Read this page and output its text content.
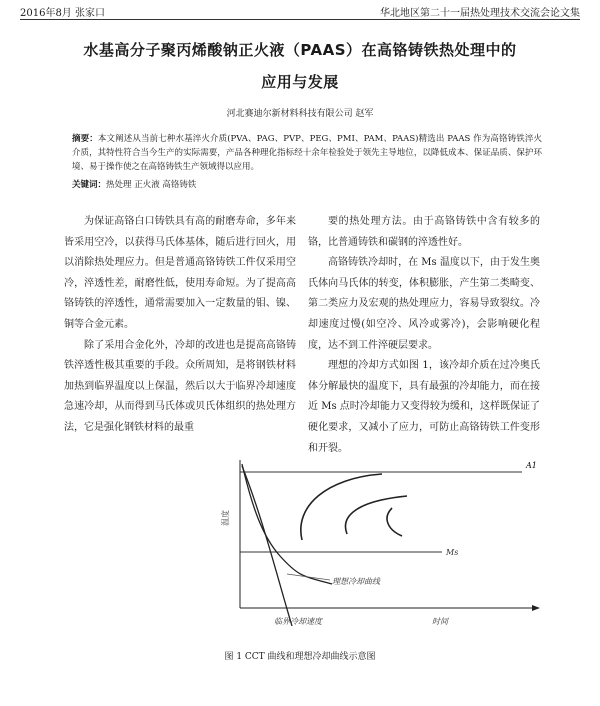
2016年8月 张家口	华北地区第二十一届热处理技术交流会论文集
水基高分子聚丙烯酸钠正火液（PAAS）在高铬铸铁热处理中的
应用与发展
河北赛迪尔新材料科技有限公司 赵军
摘要：本文阐述从当前七种水基淬火介质(PVA、PAG、PVP、PEG、PMI、PAM、PAAS)精选出 PAAS 作为高铬铸铁淬火介质，其特性符合当今生产的实际需要，产品各种理化指标经十余年检验处于领先主导地位，以降低成本、保证品质、保护环境、易于操作使之在高铬铸铁生产领域得以应用。
关键词：热处理 正火液 高铬铸铁

为保证高铬白口铸铁具有高的耐磨寿命，多年来皆采用空冷，以获得马氏体基体，随后进行回火，用以消除热处理应力。但是普通高铬铸铁工件仅采用空冷，淬透性差，耐磨性低，使用寿命短。为了提高高铬铸铁的淬透性，通常需要加入一定数量的钼、镍、铜等合金元素。

除了采用合金化外，冷却的改进也是提高高铬铸铁淬透性极其重要的手段。众所周知，是将钢铁材料加热到临界温度以上保温，然后以大于临界冷却速度急速冷却，从而得到马氏体或贝氏体组织的热处理方法，它是强化钢铁材料的最重

要的热处理方法。由于高铬铸铁中含有较多的铬，比普通铸铁和碳钢的淬透性好。

高铬铸铁冷却时，在 Ms 温度以下，由于发生奥氏体向马氏体的转变，体积膨胀，产生第二类畸变、第二类应力及宏观的热处理应力，容易导致裂纹。冷却速度过慢(如空冷、风冷或雾冷)，会影响硬化程度，达不到工件淬硬层要求。

理想的冷却方式如图 1，该冷却介质在过冷奥氏体分解最快的温度下，具有最强的冷却能力，而在接近 Ms 点时冷却能力又变得较为缓和，这样既保证了硬化要求，又减小了应力，可防止高铬铸铁工件变形和开裂。

A1
温度
理想冷却曲线
临界冷却速度	时间
Ms
图 1 CCT 曲线和理想冷却曲线示意图
